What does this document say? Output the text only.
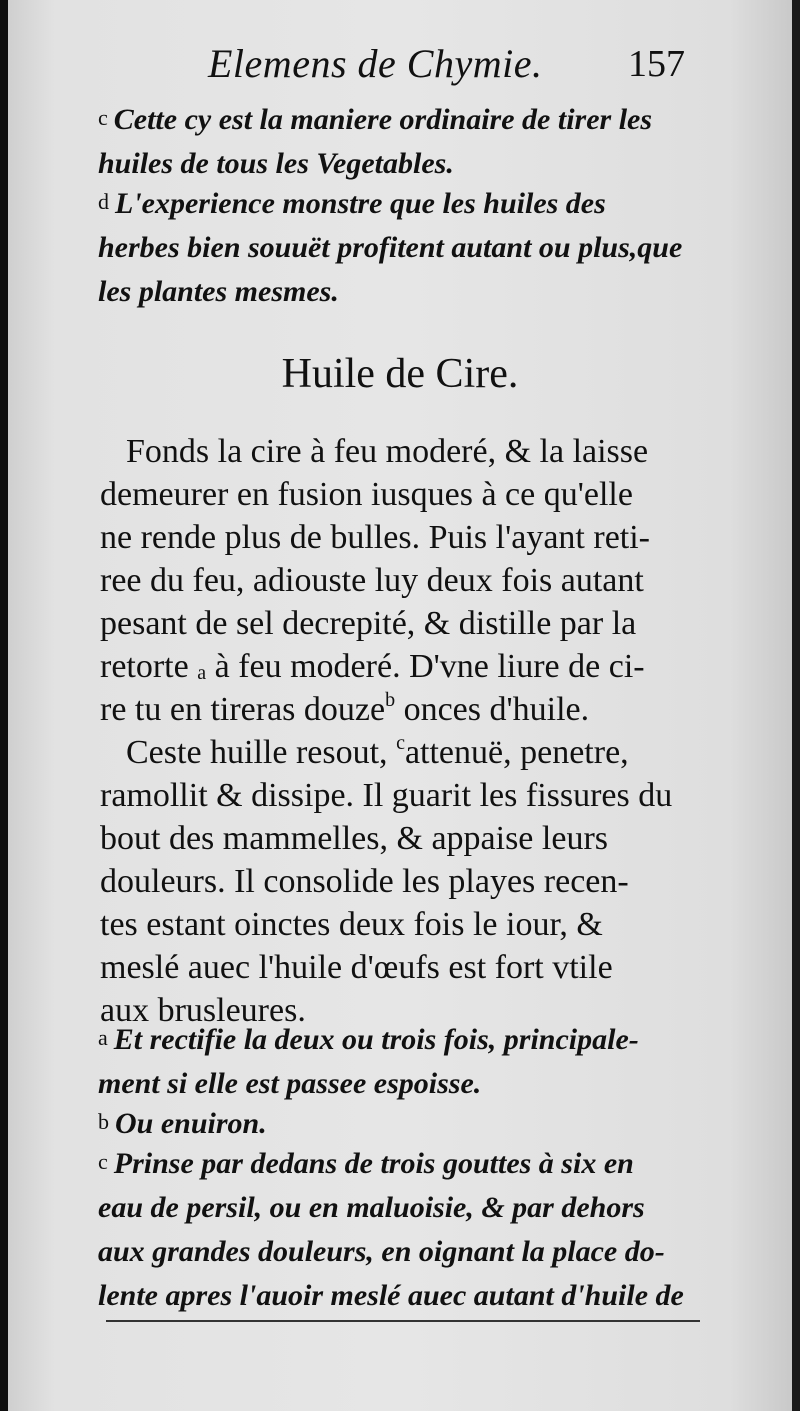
Elemens de Chymie. 157

c Cette cy est la maniere ordinaire de tirer les
huiles de tous les Vegetables.

d L'experience monstre que les huiles des
herbes bien souuët profitent autant ou plus,que
les plantes mesmes.

Huile de Cire.

Fonds la cire à feu moderé, & la laisse
demeurer en fusion iusques à ce qu'elle
ne rende plus de bulles. Puis l'ayant reti-
ree du feu, adiouste luy deux fois autant
pesant de sel decrepité, & distille par la
retorte $_a$ à feu moderé. D'vne liure de ci-
re tu en tireras douze$^b$ onces d'huile.

Ceste huille resout, $^c$attenuë, penetre,
ramollit & dissipe. Il guarit les fissures du
bout des mammelles, & appaise leurs
douleurs. Il consolide les playes recen-
tes estant oinctes deux fois le iour, &
meslé auec l'huile d'œufs est fort vtile
aux brusleures.

a Et rectifie la deux ou trois fois, principale-
ment si elle est passee espoisse.

b Ou enuiron.

c Prinse par dedans de trois gouttes à six en
eau de persil, ou en maluoisie, & par dehors
aux grandes douleurs, en oignant la place do-
lente apres l'auoir meslé auec autant d'huile de
